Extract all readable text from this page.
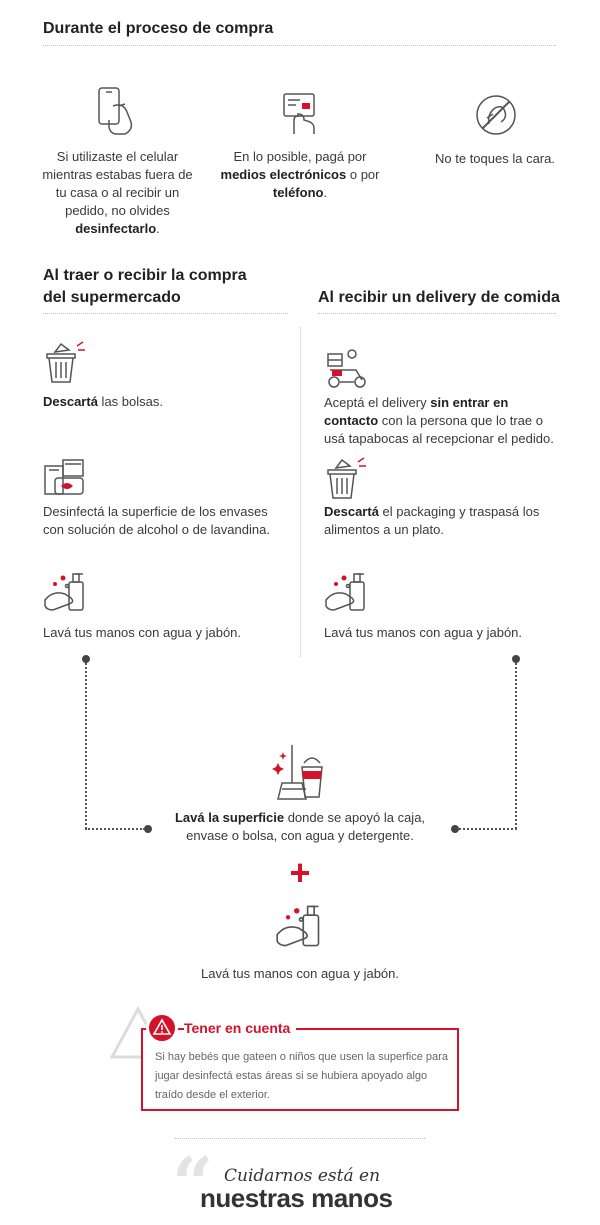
Durante el proceso de compra
Si utilizaste el celular mientras estabas fuera de tu casa o al recibir un pedido, no olvides desinfectarlo.
En lo posible, pagá por medios electrónicos o por teléfono.
No te toques la cara.
Al traer o recibir la compra
del supermercado	Al recibir un delivery de comida
Descartá las bolsas.
Desinfectá la superficie de los envases con solución de alcohol o de lavandina.
Lavá tus manos con agua y jabón.
Aceptá el delivery sin entrar en contacto con la persona que lo trae o usá tapabocas al recepcionar el pedido.
Descartá el packaging y traspasá los alimentos a un plato.
Lavá tus manos con agua y jabón.
Lavá la superficie donde se apoyó la caja, envase o bolsa, con agua y detergente.
+
Lavá tus manos con agua y jabón.
Tener en cuenta
Si hay bebés que gateen o niños que usen la superfice para jugar desinfectá estas áreas si se hubiera apoyado algo traído desde el exterior.
“ Cuidarnos está en
nuestras manos
